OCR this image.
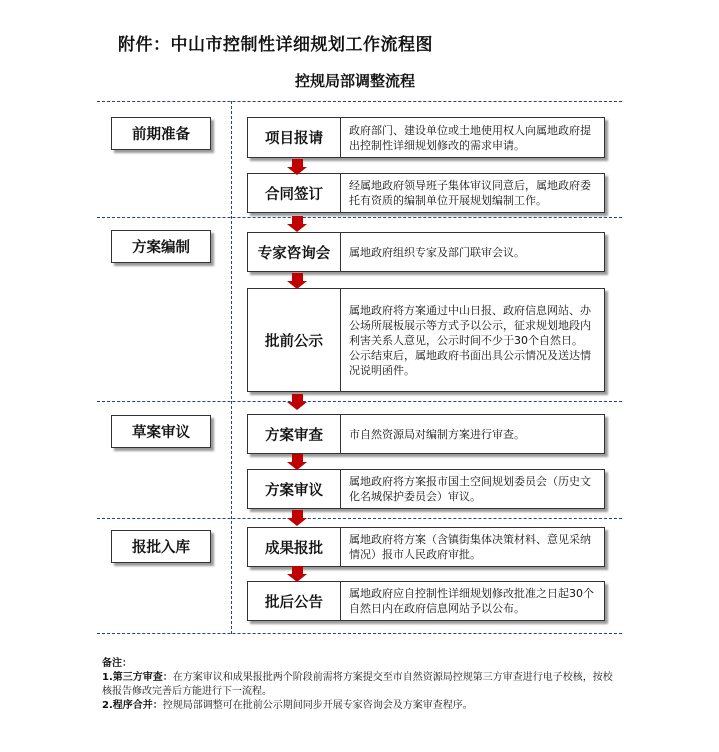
附件：中山市控制性详细规划工作流程图
控规局部调整流程
前期准备
方案编制
草案审议
报批入库
项目报请
政府部门、建设单位或土地使用权人向属地政府提出控制性详细规划修改的需求申请。
合同签订
经属地政府领导班子集体审议同意后，属地政府委托有资质的编制单位开展规划编制工作。
专家咨询会	属地政府组织专家及部门联审会议。
批前公示
属地政府将方案通过中山日报、政府信息网站、办公场所展板展示等方式予以公示，征求规划地段内利害关系人意见，公示时间不少于30个自然日。
公示结束后，属地政府书面出具公示情况及送达情况说明函件。
方案审查	市自然资源局对编制方案进行审查。
方案审议
属地政府将方案报市国土空间规划委员会（历史文化名城保护委员会）审议。
成果报批
属地政府将方案（含镇街集体决策材料、意见采纳情况）报市人民政府审批。
批后公告
属地政府应自控制性详细规划修改批准之日起30个自然日内在政府信息网站予以公布。
备注：
1.第三方审查：在方案审议和成果报批两个阶段前需将方案提交至市自然资源局控规第三方审查进行电子校核，按校核报告修改完善后方能进行下一流程。
2.程序合并：控规局部调整可在批前公示期间同步开展专家咨询会及方案审查程序。
